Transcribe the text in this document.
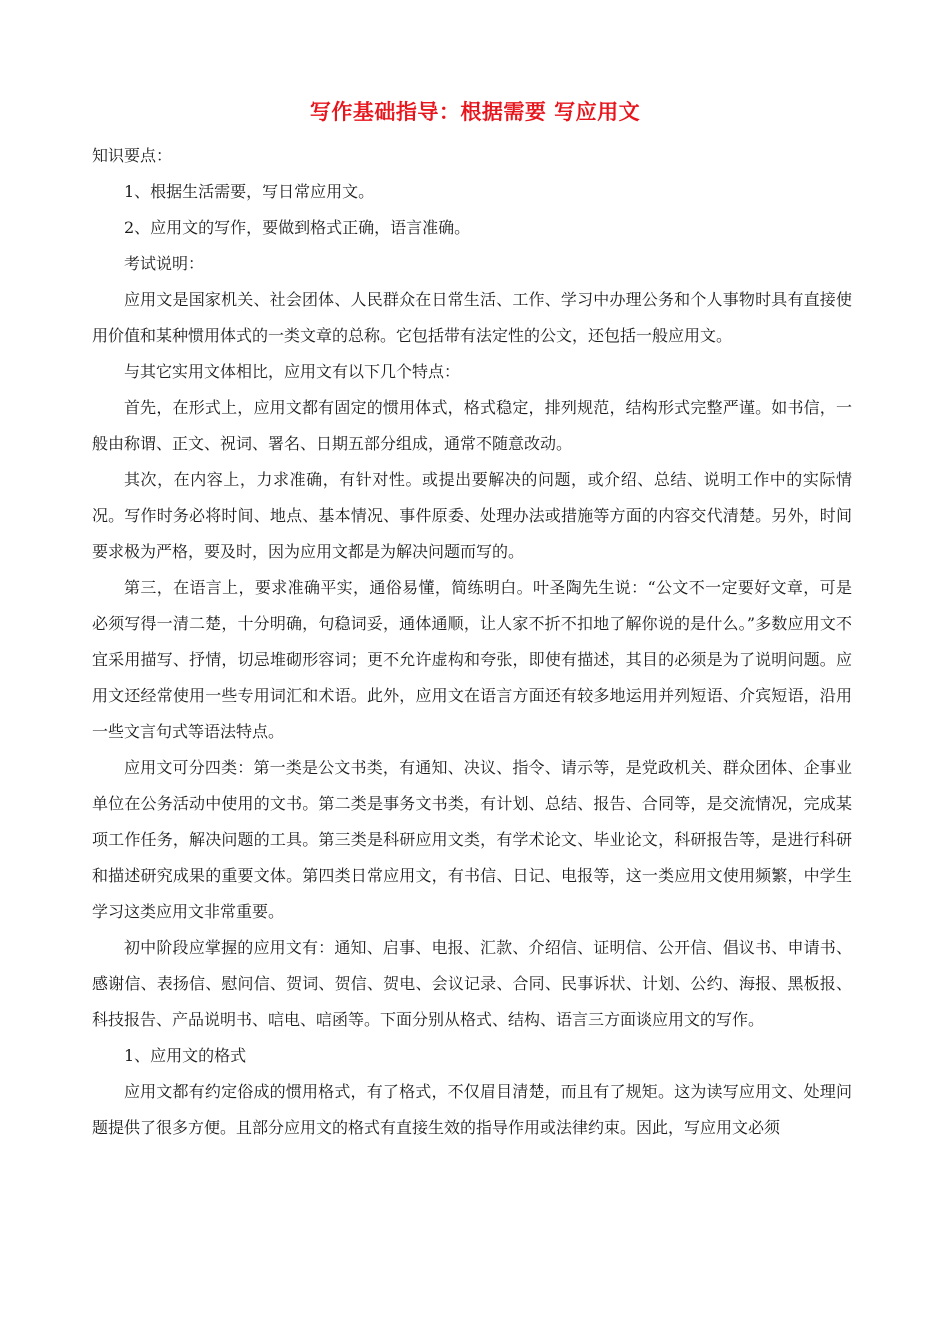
写作基础指导：根据需要 写应用文

知识要点：

1、根据生活需要，写日常应用文。

2、应用文的写作，要做到格式正确，语言准确。

考试说明：

应用文是国家机关、社会团体、人民群众在日常生活、工作、学习中办理公务和个人事物时具有直接使用价值和某种惯用体式的一类文章的总称。它包括带有法定性的公文，还包括一般应用文。

与其它实用文体相比，应用文有以下几个特点：

首先，在形式上，应用文都有固定的惯用体式，格式稳定，排列规范，结构形式完整严谨。如书信，一般由称谓、正文、祝词、署名、日期五部分组成，通常不随意改动。

其次，在内容上，力求准确，有针对性。或提出要解决的问题，或介绍、总结、说明工作中的实际情况。写作时务必将时间、地点、基本情况、事件原委、处理办法或措施等方面的内容交代清楚。另外，时间要求极为严格，要及时，因为应用文都是为解决问题而写的。

第三，在语言上，要求准确平实，通俗易懂，简练明白。叶圣陶先生说：“公文不一定要好文章，可是必须写得一清二楚，十分明确，句稳词妥，通体通顺，让人家不折不扣地了解你说的是什么。”多数应用文不宜采用描写、抒情，切忌堆砌形容词；更不允许虚构和夸张，即使有描述，其目的必须是为了说明问题。应用文还经常使用一些专用词汇和术语。此外，应用文在语言方面还有较多地运用并列短语、介宾短语，沿用一些文言句式等语法特点。

应用文可分四类：第一类是公文书类，有通知、决议、指令、请示等，是党政机关、群众团体、企事业单位在公务活动中使用的文书。第二类是事务文书类，有计划、总结、报告、合同等，是交流情况，完成某项工作任务，解决问题的工具。第三类是科研应用文类，有学术论文、毕业论文，科研报告等，是进行科研和描述研究成果的重要文体。第四类日常应用文，有书信、日记、电报等，这一类应用文使用频繁，中学生学习这类应用文非常重要。

初中阶段应掌握的应用文有：通知、启事、电报、汇款、介绍信、证明信、公开信、倡议书、申请书、感谢信、表扬信、慰问信、贺词、贺信、贺电、会议记录、合同、民事诉状、计划、公约、海报、黑板报、科技报告、产品说明书、唁电、唁函等。下面分别从格式、结构、语言三方面谈应用文的写作。

1、应用文的格式

应用文都有约定俗成的惯用格式，有了格式，不仅眉目清楚，而且有了规矩。这为读写应用文、处理问题提供了很多方便。且部分应用文的格式有直接生效的指导作用或法律约束。因此，写应用文必须
